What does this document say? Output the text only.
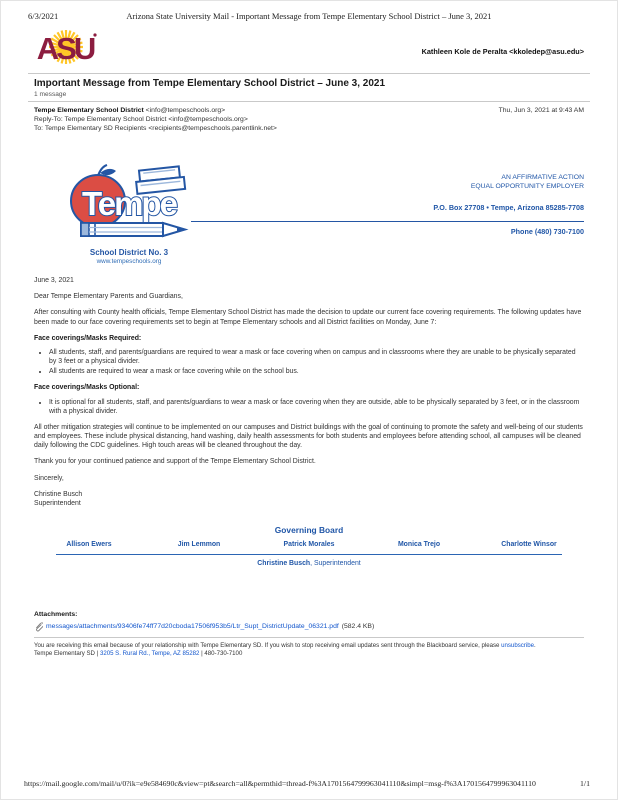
6/3/2021	Arizona State University Mail - Important Message from Tempe Elementary School District – June 3, 2021
ASU	Kathleen Kole de Peralta <kkoledep@asu.edu>
Important Message from Tempe Elementary School District – June 3, 2021
1 message
Tempe Elementary School District <info@tempeschools.org>
Reply-To: Tempe Elementary School District <info@tempeschools.org>
To: Tempe Elementary SD Recipients <recipients@tempeschools.parentlink.net>
Thu, Jun 3, 2021 at 9:43 AM
Tempe
School District No. 3
www.tempeschools.org
AN AFFIRMATIVE ACTION
EQUAL OPPORTUNITY EMPLOYER
P.O. Box 27708 • Tempe, Arizona 85285-7708
Phone (480) 730-7100

June 3, 2021

Dear Tempe Elementary Parents and Guardians,

After consulting with County health officials, Tempe Elementary School District has made the decision to update our current face covering requirements. The following updates have been made to our face covering requirements set to begin at Tempe Elementary schools and all District facilities on Monday, June 7:

Face coverings/Masks Required:
• All students, staff, and parents/guardians are required to wear a mask or face covering when on campus and in classrooms where they are unable to be physically separated by 3 feet or a physical divider.
• All students are required to wear a mask or face covering while on the school bus.
Face coverings/Masks Optional:
• It is optional for all students, staff, and parents/guardians to wear a mask or face covering when they are outside, able to be physically separated by 3 feet, or in the classroom with a physical divider.

All other mitigation strategies will continue to be implemented on our campuses and District buildings with the goal of continuing to promote the safety and well-being of our students and employees. These include physical distancing, hand washing, daily health assessments for both students and employees before attending school, all campuses will be cleaned daily following the CDC guidelines. High touch areas will be cleaned throughout the day.

Thank you for your continued patience and support of the Tempe Elementary School District.

Sincerely,

Christine Busch

Superintendent

Governing Board
Allison Ewers	Jim Lemmon	Patrick Morales	Monica Trejo	Charlotte Winsor
Christine Busch, Superintendent
Attachments:
messages/attachments/93406fe74ff77d20cboda17506f953b5/Ltr_Supt_DistrictUpdate_06321.pdf (582.4 KB)
You are receiving this email because of your relationship with Tempe Elementary SD. If you wish to stop receiving email updates sent through the Blackboard service, please unsubscribe.
Tempe Elementary SD | 3205 S. Rural Rd., Tempe, AZ 85282 | 480-730-7100
https://mail.google.com/mail/u/0?ik=e9e584690c&view=pt&search=all&permthid=thread-f%3A1701564799963041110&simpl=msg-f%3A1701564799963041110	1/1
